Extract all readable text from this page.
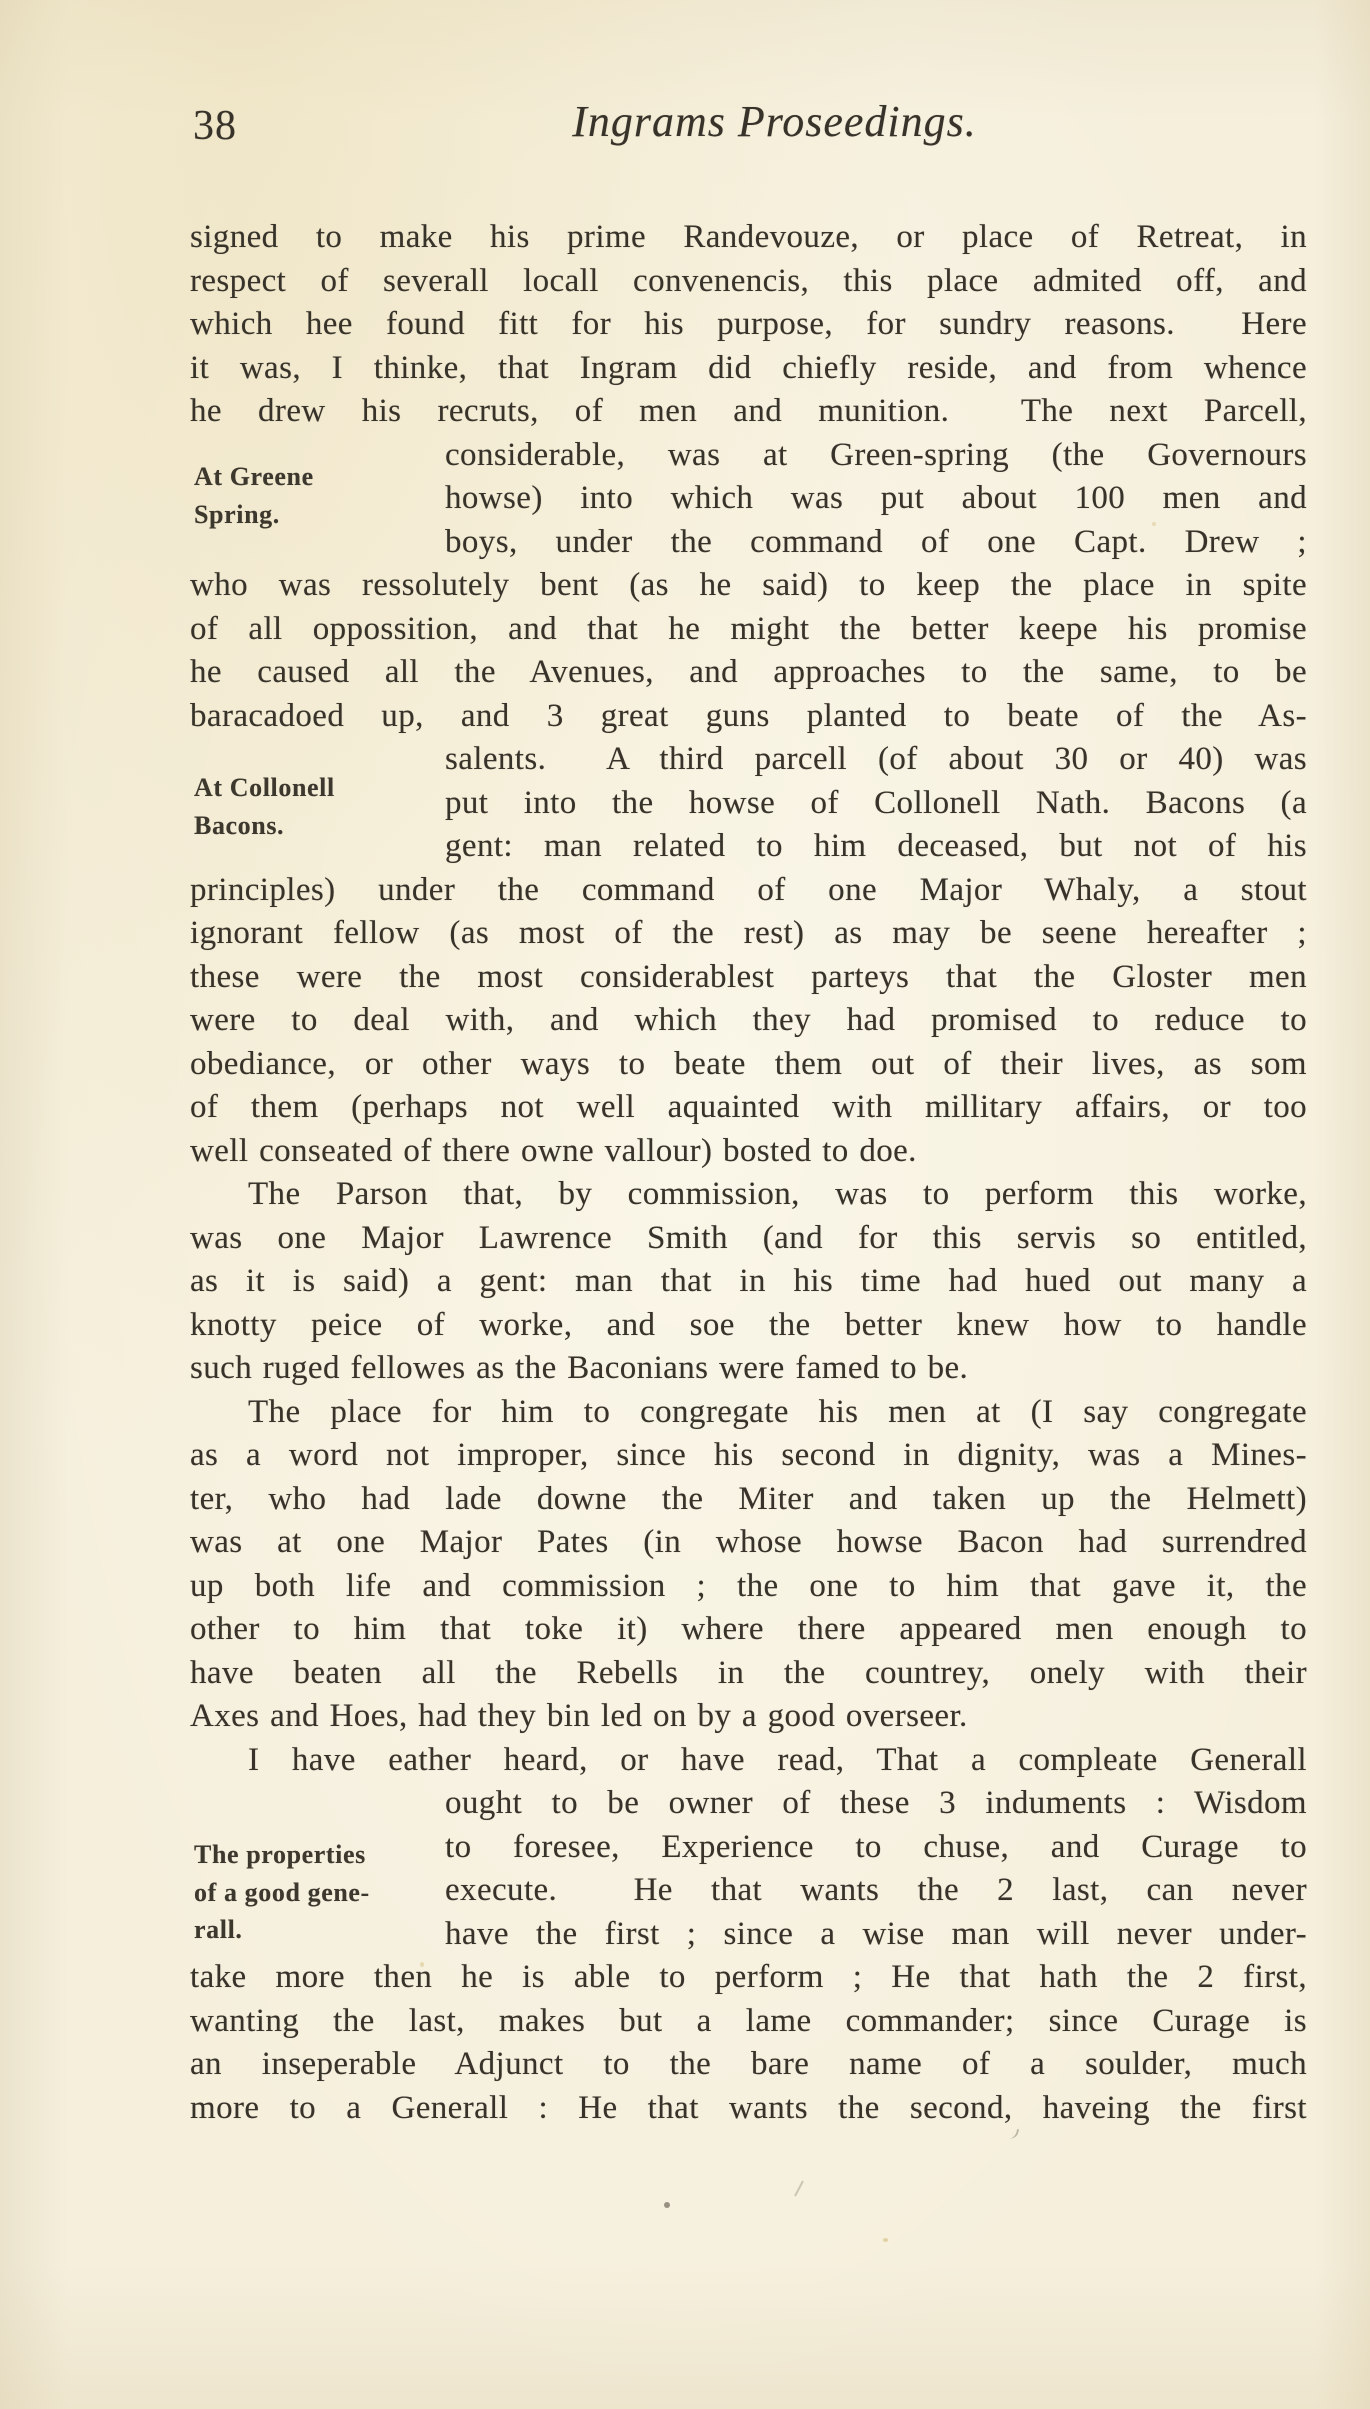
38	Ingrams Proseedings.
At Greene
Spring.
At Collonell
Bacons.
The properties
of a good gene-
rall.
signed to make his prime Randevouze, or place of Retreat, in
respect of severall locall convenencis, this place admited off, and
which hee found fitt for his purpose, for sundry reasons.  Here
it was, I thinke, that Ingram did chiefly reside, and from whence
he drew his recruts, of men and munition.  The next Parcell,
considerable, was at Green-spring (the Governours
howse) into which was put about 100 men and
boys, under the command of one Capt. Drew ;
who was ressolutely bent (as he said) to keep the place in spite
of all oppossition, and that he might the better keepe his promise
he caused all the Avenues, and approaches to the same, to be
baracadoed up, and 3 great guns planted to beate of the As-
salents.  A third parcell (of about 30 or 40) was
put into the howse of Collonell Nath. Bacons (a
gent: man related to him deceased, but not of his
principles) under the command of one Major Whaly, a stout
ignorant fellow (as most of the rest) as may be seene hereafter ;
these were the most considerablest parteys that the Gloster men
were to deal with, and which they had promised to reduce to
obediance, or other ways to beate them out of their lives, as som
of them (perhaps not well aquainted with millitary affairs, or too
well conseated of there owne vallour) bosted to doe.
The Parson that, by commission, was to perform this worke,
was one Major Lawrence Smith (and for this servis so entitled,
as it is said) a gent: man that in his time had hued out many a
knotty peice of worke, and soe the better knew how to handle
such ruged fellowes as the Baconians were famed to be.
The place for him to congregate his men at (I say congregate
as a word not improper, since his second in dignity, was a Mines-
ter, who had lade downe the Miter and taken up the Helmett)
was at one Major Pates (in whose howse Bacon had surrendred
up both life and commission ; the one to him that gave it, the
other to him that toke it) where there appeared men enough to
have beaten all the Rebells in the countrey, onely with their
Axes and Hoes, had they bin led on by a good overseer.
I have eather heard, or have read, That a compleate Generall
ought to be owner of these 3 induments : Wisdom
to foresee, Experience to chuse, and Curage to
execute.  He that wants the 2 last, can never
have the first ; since a wise man will never under-
take more then he is able to perform ; He that hath the 2 first,
wanting the last, makes but a lame commander; since Curage is
an inseperable Adjunct to the bare name of a soulder, much
more to a Generall : He that wants the second, haveing the first
